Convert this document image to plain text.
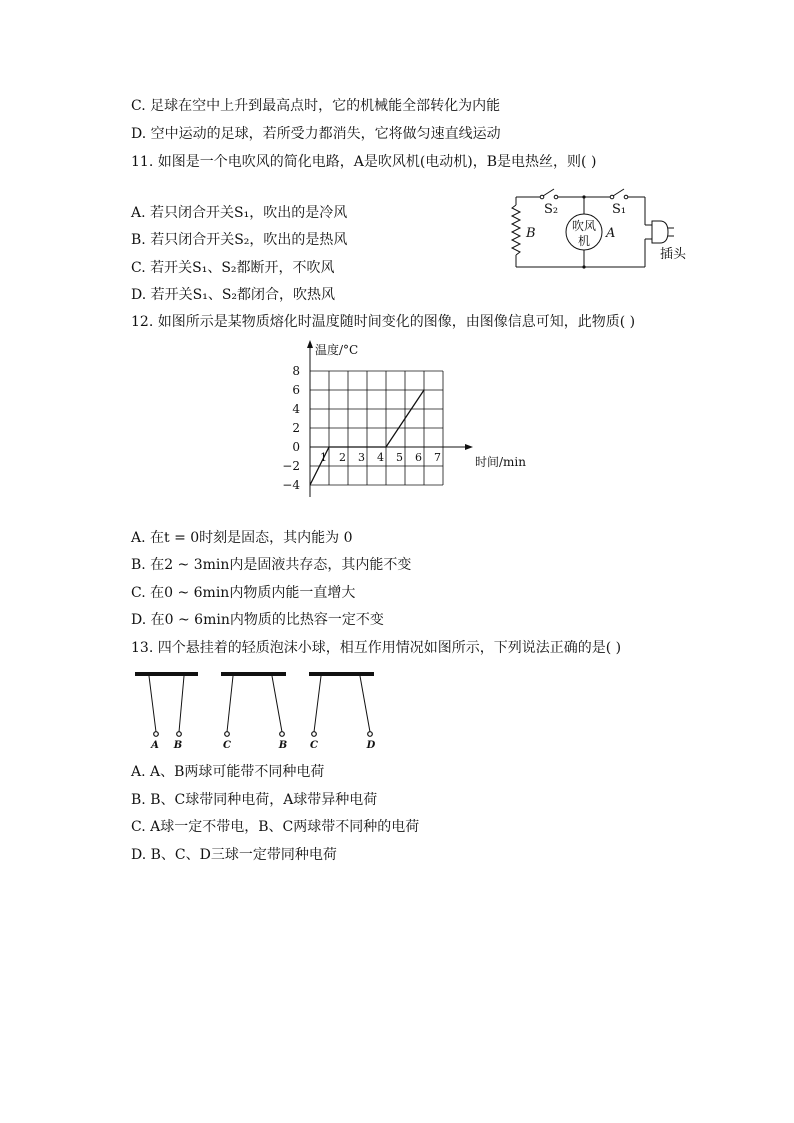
C. 足球在空中上升到最高点时，它的机械能全部转化为内能
D. 空中运动的足球，若所受力都消失，它将做匀速直线运动
11. 如图是一个电吹风的简化电路，A是吹风机(电动机)，B是电热丝，则( )
S₂	S₁
B	吹风
机 A
插头
A. 若只闭合开关S₁，吹出的是冷风
B. 若只闭合开关S₂，吹出的是热风
C. 若开关S₁、S₂都断开，不吹风
D. 若开关S₁、S₂都闭合，吹热风
12. 如图所示是某物质熔化时温度随时间变化的图像，由图像信息可知，此物质( )
8
6
4
2
0
−2
−4
1 2 3 4 5 6 7
温度/°C
时间/min
A. 在t = 0时刻是固态，其内能为 0
B. 在2 ~ 3min内是固液共存态，其内能不变
C. 在0 ~ 6min内物质内能一直增大
D. 在0 ~ 6min内物质的比热容一定不变
13. 四个悬挂着的轻质泡沫小球，相互作用情况如图所示，下列说法正确的是( )
A B	C	B C	D
A. A、B两球可能带不同种电荷
B. B、C球带同种电荷，A球带异种电荷
C. A球一定不带电，B、C两球带不同种的电荷
D. B、C、D三球一定带同种电荷
